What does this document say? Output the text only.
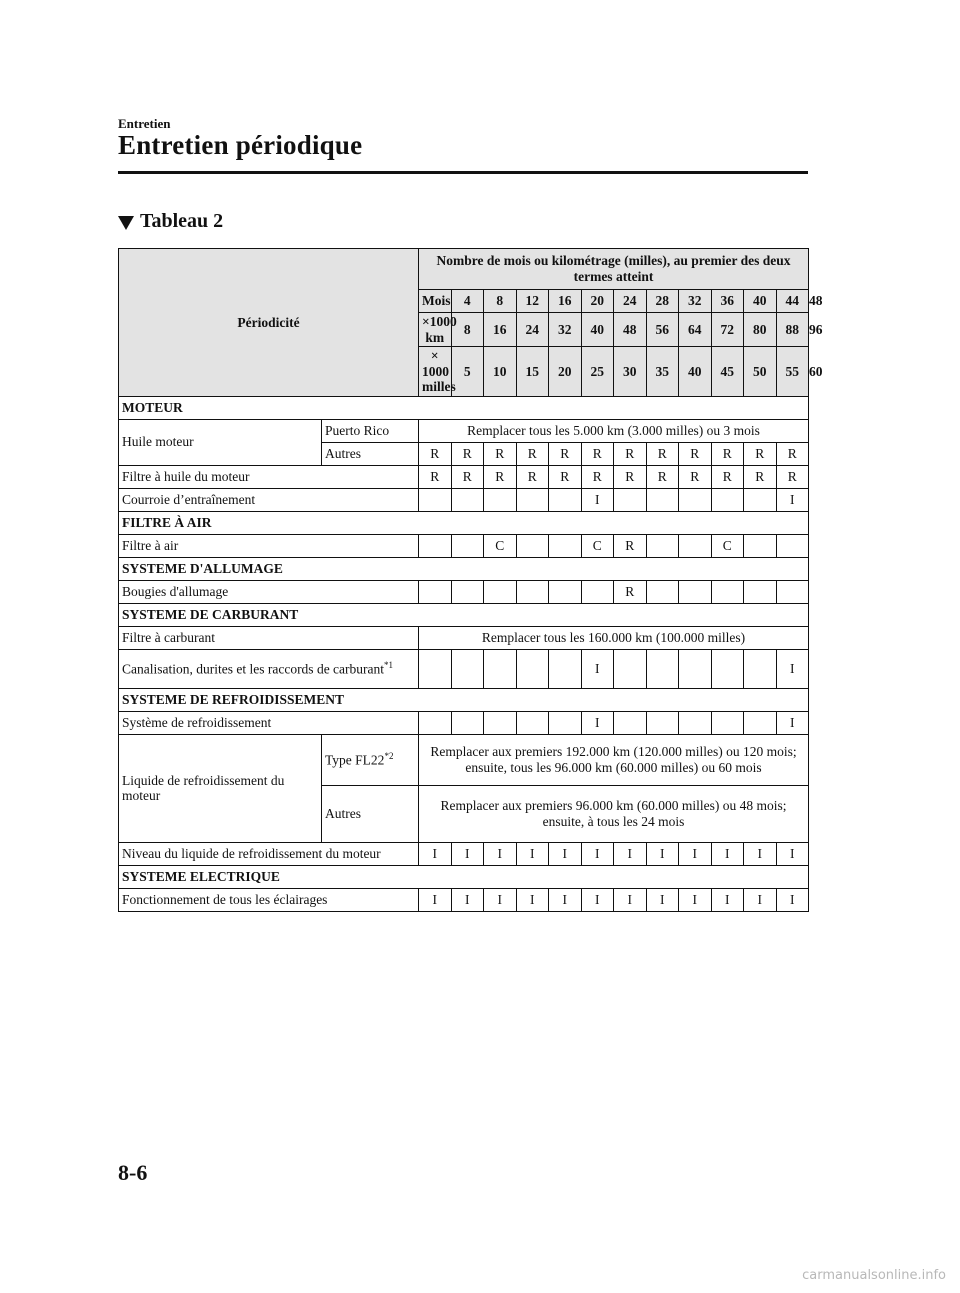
Entretien
Entretien périodique
Tableau 2
Périodicité		Nombre de mois ou kilométrage (milles), au premier des deux termes atteint												
		Mois	4	8	12	16	20	24	28	32	36	40	44	48
		×1000 km	8	16	24	32	40	48	56	64	72	80	88	96
		× 1000 milles	5	10	15	20	25	30	35	40	45	50	55	60
MOTEUR														
Huile moteur	Puerto Rico	Remplacer tous les 5.000 km (3.000 milles) ou 3 mois												
	Autres	R	R	R	R	R	R	R	R	R	R	R	R	
Filtre à huile du moteur		R	R	R	R	R	R	R	R	R	R	R	R	
Courroie d’entraînement							I						I	
FILTRE À AIR														
Filtre à air				C			C	R			C			
SYSTEME D'ALLUMAGE														
Bougies d'allumage								R						
SYSTEME DE CARBURANT														
Filtre à carburant		Remplacer tous les 160.000 km (100.000 milles)												
Canalisation, durites et les raccords de carburant$^{*1}$							I						I	
SYSTEME DE REFROIDISSEMENT														
Système de refroidissement							I						I	
Liquide de refroidissement du moteur	Type FL22$^{*2}$	Remplacer aux premiers 192.000 km (120.000 milles) ou 120 mois;
ensuite, tous les 96.000 km (60.000 milles) ou 60 mois												

	Autres	Remplacer aux premiers 96.000 km (60.000 milles) ou 48 mois;
ensuite, à tous les 24 mois												

Niveau du liquide de refroidissement du moteur		I	I	I	I	I	I	I	I	I	I	I	I	
SYSTEME ELECTRIQUE														
Fonctionnement de tous les éclairages		I	I	I	I	I	I	I	I	I	I	I	I	
8-6
carmanualsonline.info
